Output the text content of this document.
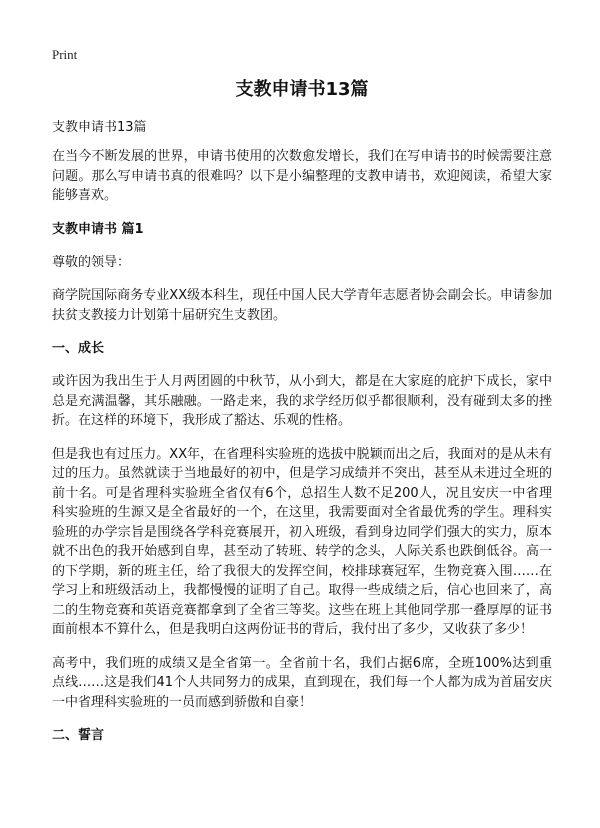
Print
支教申请书13篇
支教申请书13篇

在当今不断发展的世界，申请书使用的次数愈发增长，我们在写申请书的时候需要注意问题。那么写申请书真的很难吗？以下是小编整理的支教申请书，欢迎阅读，希望大家能够喜欢。

支教申请书 篇1

尊敬的领导：

商学院国际商务专业XX级本科生，现任中国人民大学青年志愿者协会副会长。申请参加扶贫支教接力计划第十届研究生支教团。

一、成长

或许因为我出生于人月两团圆的中秋节，从小到大，都是在大家庭的庇护下成长，家中总是充满温馨，其乐融融。一路走来，我的求学经历似乎都很顺利，没有碰到太多的挫折。在这样的环境下，我形成了豁达、乐观的性格。

但是我也有过压力。XX年，在省理科实验班的选拔中脱颖而出之后，我面对的是从未有过的压力。虽然就读于当地最好的初中，但是学习成绩并不突出，甚至从未进过全班的前十名。可是省理科实验班全省仅有6个，总招生人数不足200人，况且安庆一中省理科实验班的生源又是全省最好的一个，在这里，我需要面对全省最优秀的学生。理科实验班的办学宗旨是围绕各学科竞赛展开，初入班级，看到身边同学们强大的实力，原本就不出色的我开始感到自卑，甚至动了转班、转学的念头，人际关系也跌倒低谷。高一的下学期，新的班主任，给了我很大的发挥空间，校排球赛冠军，生物竞赛入围……在学习上和班级活动上，我都慢慢的证明了自己。取得一些成绩之后，信心也回来了，高二的生物竞赛和英语竞赛都拿到了全省三等奖。这些在班上其他同学那一叠厚厚的证书面前根本不算什么，但是我明白这两份证书的背后，我付出了多少，又收获了多少！

高考中，我们班的成绩又是全省第一。全省前十名，我们占据6席，全班100%达到重点线……这是我们41个人共同努力的成果，直到现在，我们每一个人都为成为首届安庆一中省理科实验班的一员而感到骄傲和自豪！

二、誓言
